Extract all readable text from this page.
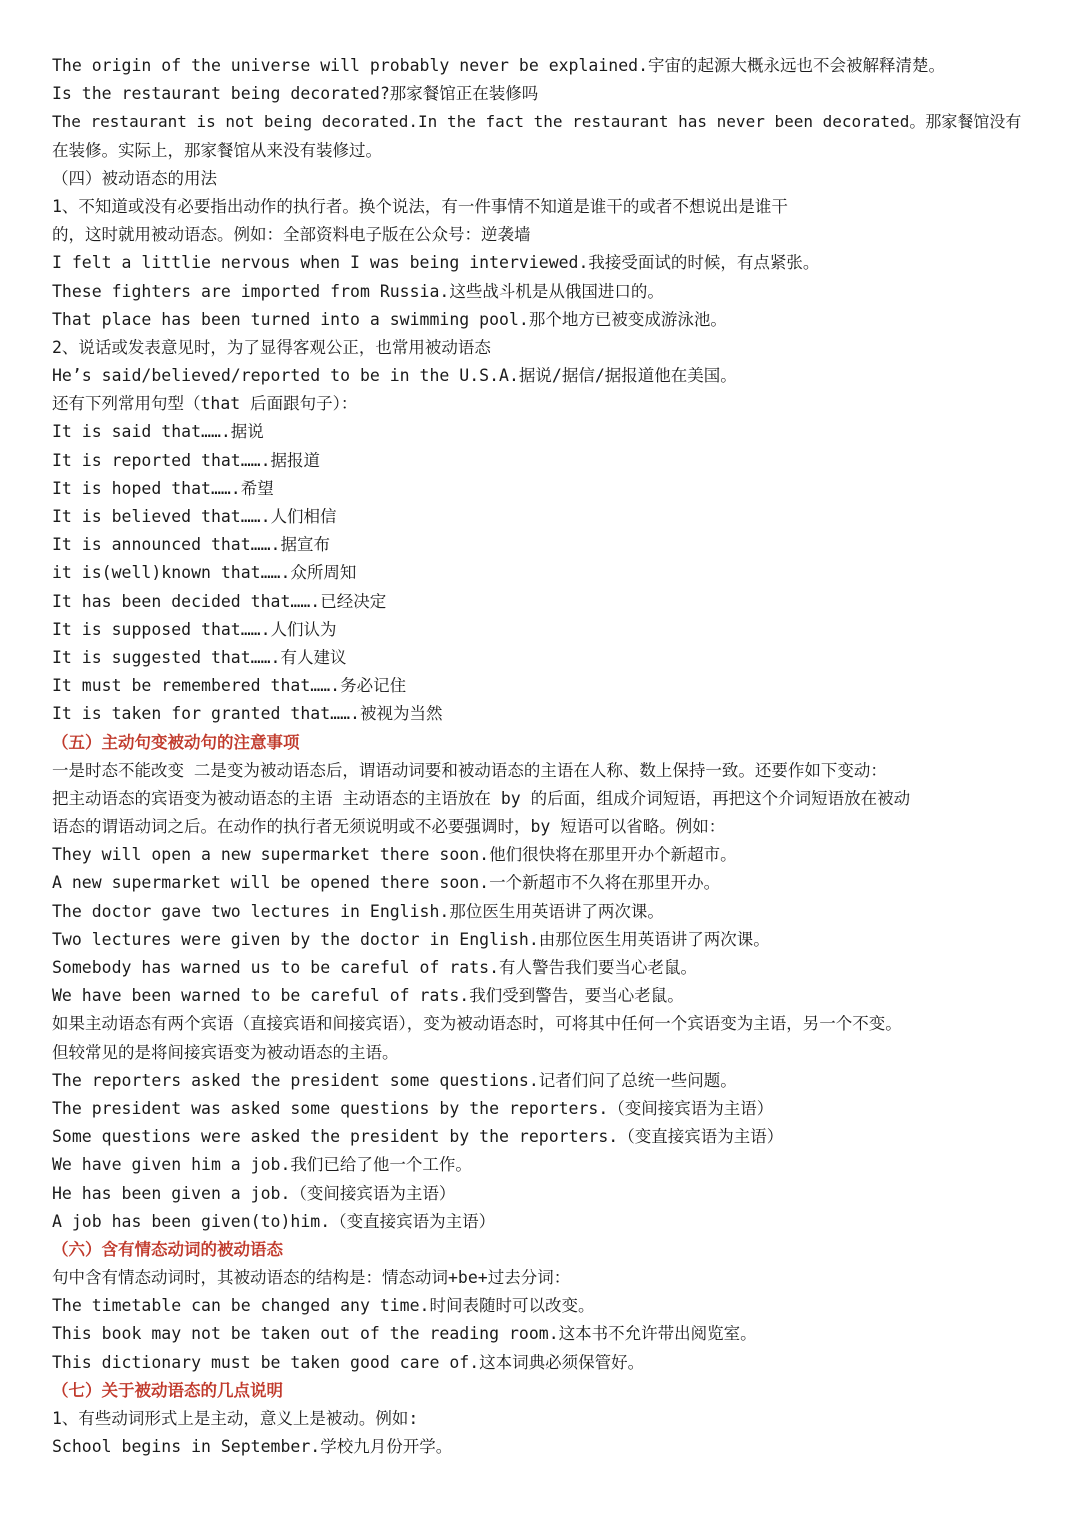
The origin of the universe will probably never be explained.宇宙的起源大概永远也不会被解释清楚。
Is the restaurant being decorated?那家餐馆正在装修吗
The restaurant is not being decorated.In the fact the restaurant has never been decorated。那家餐馆没有
在装修。实际上，那家餐馆从来没有装修过。
（四）被动语态的用法
1、不知道或没有必要指出动作的执行者。换个说法，有一件事情不知道是谁干的或者不想说出是谁干
的，这时就用被动语态。例如：全部资料电子版在公众号：逆袭墙
I felt a littlie nervous when I was being interviewed.我接受面试的时候，有点紧张。
These fighters are imported from Russia.这些战斗机是从俄国进口的。
That place has been turned into a swimming pool.那个地方已被变成游泳池。
2、说话或发表意见时，为了显得客观公正，也常用被动语态
He’s said/believed/reported to be in the U.S.A.据说/据信/据报道他在美国。
还有下列常用句型（that 后面跟句子）：
It is said that…….据说
It is reported that…….据报道
It is hoped that…….希望
It is believed that…….人们相信
It is announced that…….据宣布
it is(well)known that…….众所周知
It has been decided that…….已经决定
It is supposed that…….人们认为
It is suggested that…….有人建议
It must be remembered that…….务必记住
It is taken for granted that…….被视为当然
（五）主动句变被动句的注意事项
一是时态不能改变 二是变为被动语态后，谓语动词要和被动语态的主语在人称、数上保持一致。还要作如下变动：
把主动语态的宾语变为被动语态的主语 主动语态的主语放在 by 的后面，组成介词短语，再把这个介词短语放在被动
语态的谓语动词之后。在动作的执行者无须说明或不必要强调时，by 短语可以省略。例如：
They will open a new supermarket there soon.他们很快将在那里开办个新超市。
A new supermarket will be opened there soon.一个新超市不久将在那里开办。
The doctor gave two lectures in English.那位医生用英语讲了两次课。
Two lectures were given by the doctor in English.由那位医生用英语讲了两次课。
Somebody has warned us to be careful of rats.有人警告我们要当心老鼠。
We have been warned to be careful of rats.我们受到警告，要当心老鼠。
如果主动语态有两个宾语（直接宾语和间接宾语），变为被动语态时，可将其中任何一个宾语变为主语，另一个不变。
但较常见的是将间接宾语变为被动语态的主语。
The reporters asked the president some questions.记者们问了总统一些问题。
The president was asked some questions by the reporters.（变间接宾语为主语）
Some questions were asked the president by the reporters.（变直接宾语为主语）
We have given him a job.我们已给了他一个工作。
He has been given a job.（变间接宾语为主语）
A job has been given(to)him.（变直接宾语为主语）
（六）含有情态动词的被动语态
句中含有情态动词时，其被动语态的结构是：情态动词+be+过去分词：
The timetable can be changed any time.时间表随时可以改变。
This book may not be taken out of the reading room.这本书不允许带出阅览室。
This dictionary must be taken good care of.这本词典必须保管好。
（七）关于被动语态的几点说明
1、有些动词形式上是主动，意义上是被动。例如:
School begins in September.学校九月份开学。
